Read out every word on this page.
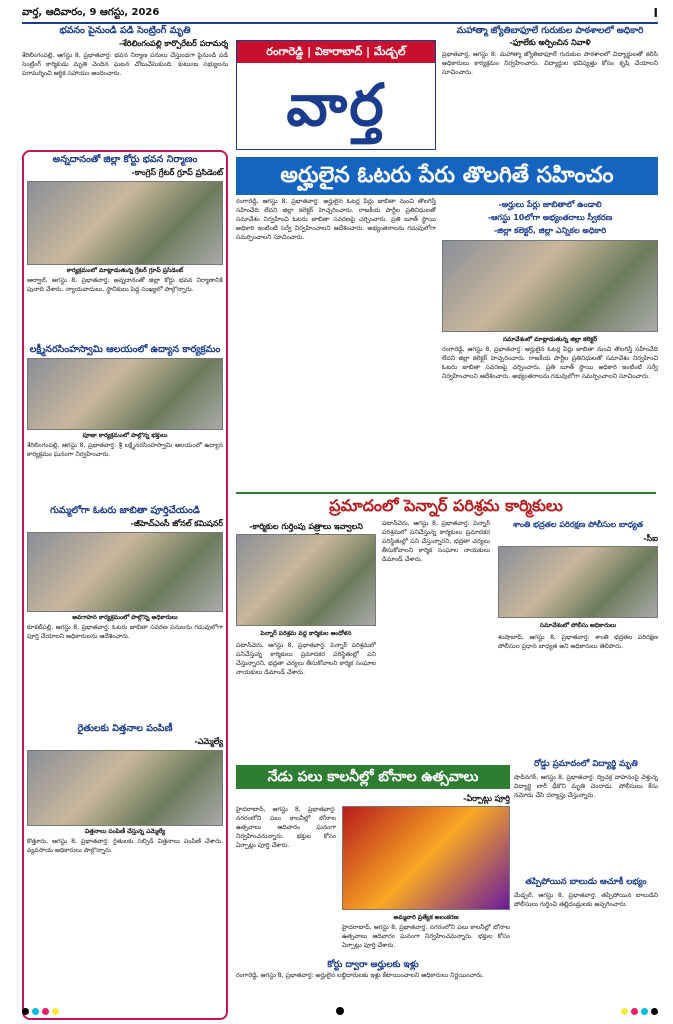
వార్త, ఆదివారం, 9 ఆగస్టు, 2026	I
భవనం పైనుండి పడి సెంట్రింగ్ మృతి
-శేరిలింగంపల్లి కార్పొరేటర్ పరామర్శ
శేరిలింగంపల్లి, ఆగస్టు 8, ప్రభాతవార్త: భవన నిర్మాణ పనులు చేస్తుండగా పైనుండి పడి సెంట్రింగ్ కార్మికుడు మృతి చెందిన ఘటన చోటుచేసుకుంది. కుటుంబ సభ్యులను పరామర్శించి ఆర్థిక సహాయం అందించారు.
అన్నదానంతో జిల్లా కోర్టు భవన నిర్మాణం
-కాంగ్రెస్ గ్రేటర్ గ్రూప్ ప్రసిడెంట్
కార్యక్రమంలో మాట్లాడుతున్న గ్రేటర్ గ్రూప్ ప్రసిడెంట్
ఆల్వాల్, ఆగస్టు 8, ప్రభాతవార్త: అన్నదానంతో జిల్లా కోర్టు భవన నిర్మాణానికి పునాది వేశారు. న్యాయవాదులు, స్థానికులు పెద్ద సంఖ్యలో పాల్గొన్నారు.
లక్ష్మీనరసింహస్వామి ఆలయంలో ఉద్యాన కార్యక్రమం
పూజా కార్యక్రమంలో పాల్గొన్న భక్తులు
శేరిలింగంపల్లి, ఆగస్టు 8, ప్రభాతవార్త: శ్రీ లక్ష్మీనరసింహస్వామి ఆలయంలో ఉద్యాన కార్యక్రమం ఘనంగా నిర్వహించారు.
గుమ్మలోగా ఓటరు జాబితా పూర్తిచేయండి
-జీహెచ్ఎంసీ జోనల్ కమిషనర్
అవగాహన కార్యక్రమంలో పాల్గొన్న అధికారులు
కూకట్‌పల్లి, ఆగస్టు 8, ప్రభాతవార్త: ఓటరు జాబితా సవరణ పనులను గడువులోగా పూర్తి చేయాలని అధికారులను ఆదేశించారు.
రైతులకు విత్తనాల పంపిణీ
-ఎమ్మెల్యే
విత్తనాలు పంపిణీ చేస్తున్న ఎమ్మెల్యే
కొత్తూరు, ఆగస్టు 8, ప్రభాతవార్త: రైతులకు సబ్సిడీ విత్తనాలు పంపిణీ చేశారు. వ్యవసాయ అధికారులు పాల్గొన్నారు.
రంగారెడ్డి | వికారాబాద్ | మేడ్చల్
వార్త
మహాత్మా జ్యోతిబాఫూలే గురుకుల పాఠశాలలో అధికారి
-ఫూలేకు అర్పించిన నివాళి
ప్రభాతవార్త, ఆగస్టు 8: మహాత్మా జ్యోతిబాఫూలే గురుకుల పాఠశాలలో విద్యార్థులతో కలిసి అధికారులు కార్యక్రమం నిర్వహించారు. విద్యార్థుల భవిష్యత్తు కోసం కృషి చేయాలని సూచించారు.
అర్హులైన ఓటరు పేరు తొలగితే సహించం
రంగారెడ్డి, ఆగస్టు 8, ప్రభాతవార్త: అర్హులైన ఓటర్ల పేర్లు జాబితా నుంచి తొలగిస్తే సహించేది లేదని జిల్లా కలెక్టర్ హెచ్చరించారు. రాజకీయ పార్టీల ప్రతినిధులతో సమావేశం నిర్వహించి ఓటరు జాబితా సవరణపై చర్చించారు. ప్రతి బూత్ స్థాయి అధికారి ఇంటింటి సర్వే నిర్వహించాలని ఆదేశించారు. అభ్యంతరాలను గడువులోగా సమర్పించాలని సూచించారు.
-అర్హులు పేర్లు జాబితాలో ఉండాలి
-ఆగస్టు 10లోగా అభ్యంతరాలు స్వీకరణ
-జిల్లా కలెక్టర్, జిల్లా ఎన్నికల అధికారి
సమావేశంలో మాట్లాడుతున్న జిల్లా కలెక్టర్
రంగారెడ్డి, ఆగస్టు 8, ప్రభాతవార్త: అర్హులైన ఓటర్ల పేర్లు జాబితా నుంచి తొలగిస్తే సహించేది లేదని జిల్లా కలెక్టర్ హెచ్చరించారు. రాజకీయ పార్టీల ప్రతినిధులతో సమావేశం నిర్వహించి ఓటరు జాబితా సవరణపై చర్చించారు. ప్రతి బూత్ స్థాయి అధికారి ఇంటింటి సర్వే నిర్వహించాలని ఆదేశించారు. అభ్యంతరాలను గడువులోగా సమర్పించాలని సూచించారు.
ప్రమాదంలో పెన్నార్ పరిశ్రమ కార్మికులు
-కార్మికుల గుర్తింపు పత్రాలు ఇవ్వాలని
పెన్నార్ పరిశ్రమ వద్ద కార్మికుల ఆందోళన
పటాన్‌చెరు, ఆగస్టు 8, ప్రభాతవార్త: పెన్నార్ పరిశ్రమలో పనిచేస్తున్న కార్మికులు ప్రమాదకర పరిస్థితుల్లో పని చేస్తున్నారని, భద్రతా చర్యలు తీసుకోవాలని కార్మిక సంఘాల నాయకులు డిమాండ్ చేశారు.
పటాన్‌చెరు, ఆగస్టు 8, ప్రభాతవార్త: పెన్నార్ పరిశ్రమలో పనిచేస్తున్న కార్మికులు ప్రమాదకర పరిస్థితుల్లో పని చేస్తున్నారని, భద్రతా చర్యలు తీసుకోవాలని కార్మిక సంఘాల నాయకులు డిమాండ్ చేశారు.
శాంతి భద్రతల పరిరక్షణ పోలీసుల బాధ్యత
-సీఐ
సమావేశంలో పోలీసు అధికారులు
శంషాబాద్, ఆగస్టు 8, ప్రభాతవార్త: శాంతి భద్రతల పరిరక్షణ పోలీసుల ప్రధాన బాధ్యత అని అధికారులు తెలిపారు.
రోడ్డు ప్రమాదంలో విద్యార్థి మృతి
షాద్‌నగర్, ఆగస్టు 8, ప్రభాతవార్త: ద్విచక్ర వాహనంపై వెళ్తున్న విద్యార్థి లారీ ఢీకొని మృతి చెందాడు. పోలీసులు కేసు నమోదు చేసి దర్యాప్తు చేస్తున్నారు.
తప్పిపోయిన బాలుడు ఆచూకీ లభ్యం
మేడ్చల్, ఆగస్టు 8, ప్రభాతవార్త: తప్పిపోయిన బాలుడిని పోలీసులు గుర్తించి తల్లిదండ్రులకు అప్పగించారు.
నేడు పలు కాలనీల్లో బోనాల ఉత్సవాలు
-ఏర్పాట్లు పూర్తి
హైదరాబాద్, ఆగస్టు 8, ప్రభాతవార్త: నగరంలోని పలు కాలనీల్లో బోనాల ఉత్సవాలు ఆదివారం ఘనంగా నిర్వహించనున్నారు. భక్తుల కోసం ఏర్పాట్లు పూర్తి చేశారు.
అమ్మవారి ప్రత్యేక అలంకరణ
హైదరాబాద్, ఆగస్టు 8, ప్రభాతవార్త: నగరంలోని పలు కాలనీల్లో బోనాల ఉత్సవాలు ఆదివారం ఘనంగా నిర్వహించనున్నారు. భక్తుల కోసం ఏర్పాట్లు పూర్తి చేశారు.
కోర్టు ద్వారా అర్హులకు ఇళ్లు
రంగారెడ్డి, ఆగస్టు 8, ప్రభాతవార్త: అర్హులైన లబ్ధిదారులకు ఇళ్లు కేటాయించాలని అధికారులు నిర్ణయించారు.
